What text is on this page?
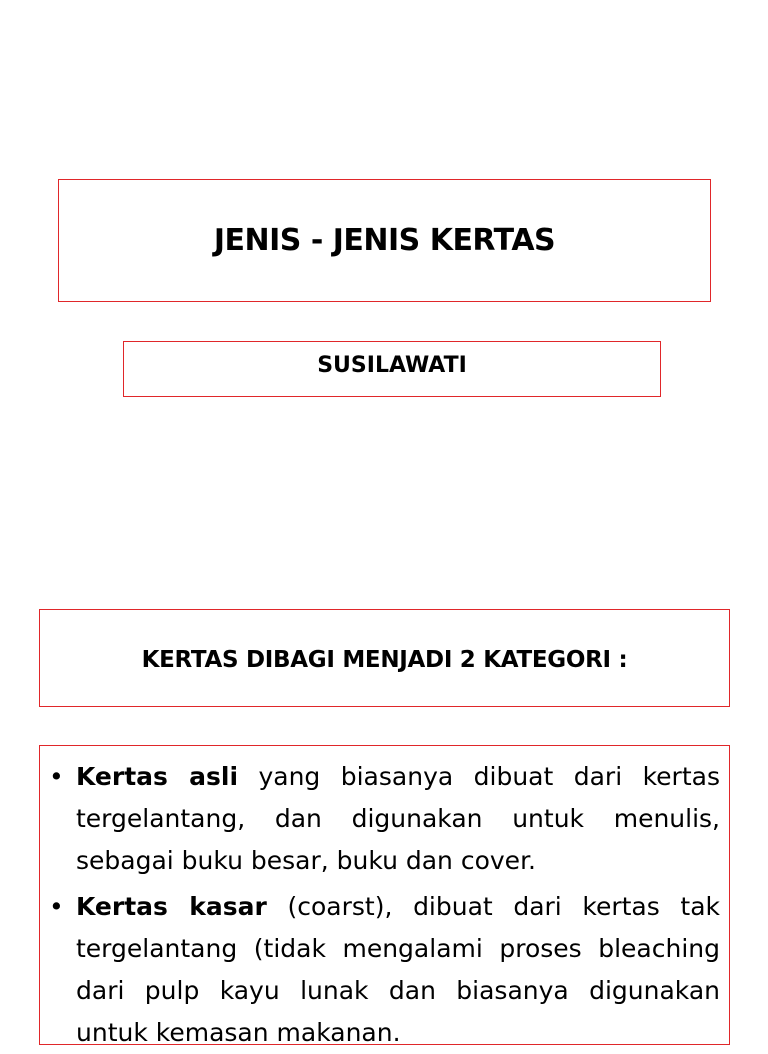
JENIS - JENIS KERTAS
SUSILAWATI
KERTAS DIBAGI MENJADI 2 KATEGORI :
• Kertas asli yang biasanya dibuat dari kertas tergelantang, dan digunakan untuk menulis, sebagai buku besar, buku dan cover.
• Kertas kasar (coarst), dibuat dari kertas tak tergelantang (tidak mengalami proses bleaching dari pulp kayu lunak dan biasanya digunakan untuk kemasan makanan.
